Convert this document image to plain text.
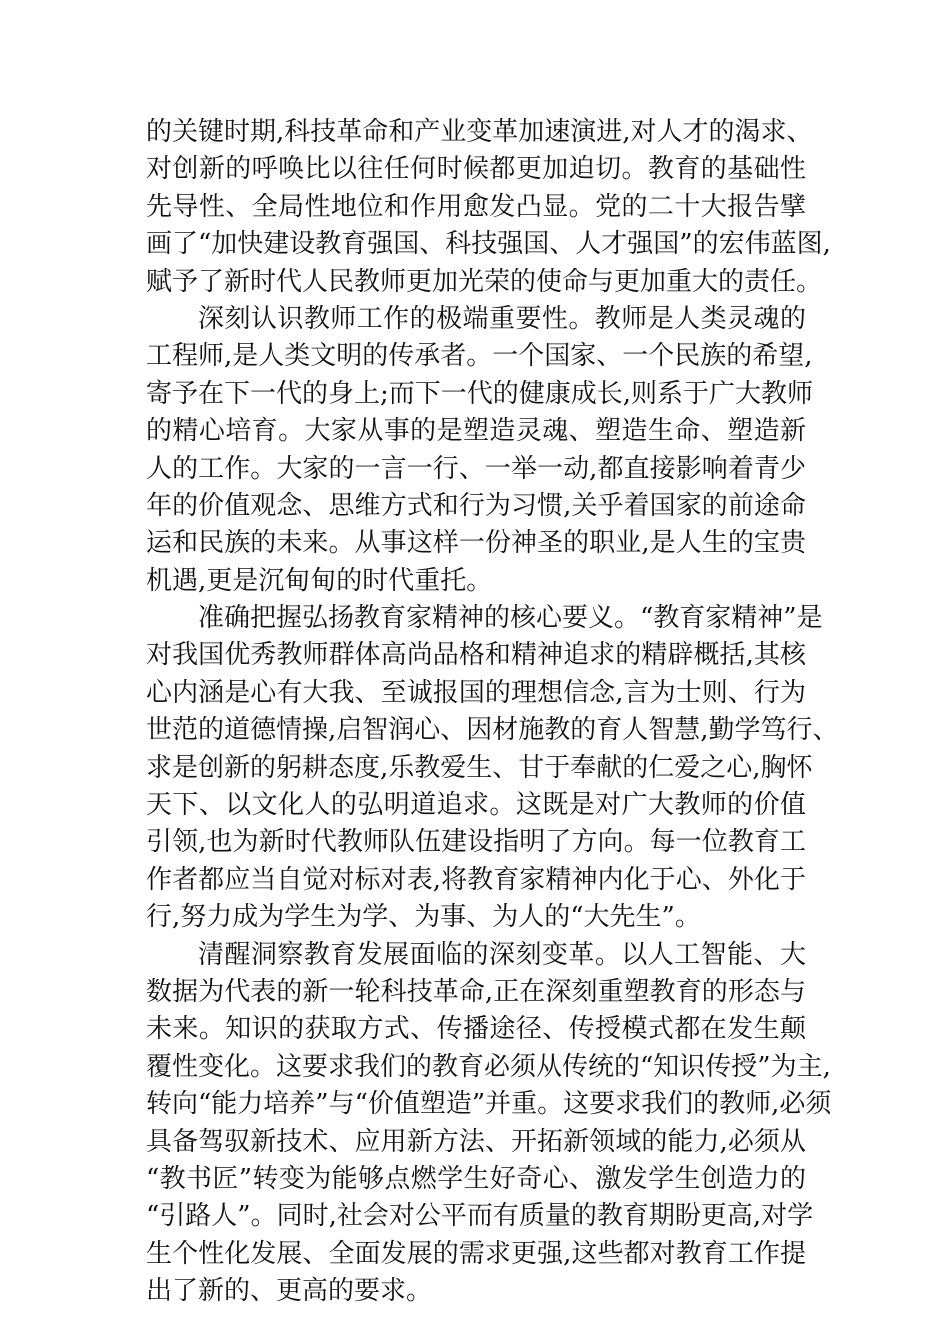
的关键时期,科技革命和产业变革加速演进,对人才的渴求、
对创新的呼唤比以往任何时候都更加迫切。教育的基础性
先导性、全局性地位和作用愈发凸显。党的二十大报告擘
画了“加快建设教育强国、科技强国、人才强国”的宏伟蓝图,
赋予了新时代人民教师更加光荣的使命与更加重大的责任。
深刻认识教师工作的极端重要性。教师是人类灵魂的
工程师,是人类文明的传承者。一个国家、一个民族的希望,
寄予在下一代的身上;而下一代的健康成长,则系于广大教师
的精心培育。大家从事的是塑造灵魂、塑造生命、塑造新
人的工作。大家的一言一行、一举一动,都直接影响着青少
年的价值观念、思维方式和行为习惯,关乎着国家的前途命
运和民族的未来。从事这样一份神圣的职业,是人生的宝贵
机遇,更是沉甸甸的时代重托。
准确把握弘扬教育家精神的核心要义。“教育家精神”是
对我国优秀教师群体高尚品格和精神追求的精辟概括,其核
心内涵是心有大我、至诚报国的理想信念,言为士则、行为
世范的道德情操,启智润心、因材施教的育人智慧,勤学笃行、
求是创新的躬耕态度,乐教爱生、甘于奉献的仁爱之心,胸怀
天下、以文化人的弘明道追求。这既是对广大教师的价值
引领,也为新时代教师队伍建设指明了方向。每一位教育工
作者都应当自觉对标对表,将教育家精神内化于心、外化于
行,努力成为学生为学、为事、为人的“大先生”。
清醒洞察教育发展面临的深刻变革。以人工智能、大
数据为代表的新一轮科技革命,正在深刻重塑教育的形态与
未来。知识的获取方式、传播途径、传授模式都在发生颠
覆性变化。这要求我们的教育必须从传统的“知识传授”为主,
转向“能力培养”与“价值塑造”并重。这要求我们的教师,必须
具备驾驭新技术、应用新方法、开拓新领域的能力,必须从
“教书匠”转变为能够点燃学生好奇心、激发学生创造力的
“引路人”。同时,社会对公平而有质量的教育期盼更高,对学
生个性化发展、全面发展的需求更强,这些都对教育工作提
出了新的、更高的要求。
